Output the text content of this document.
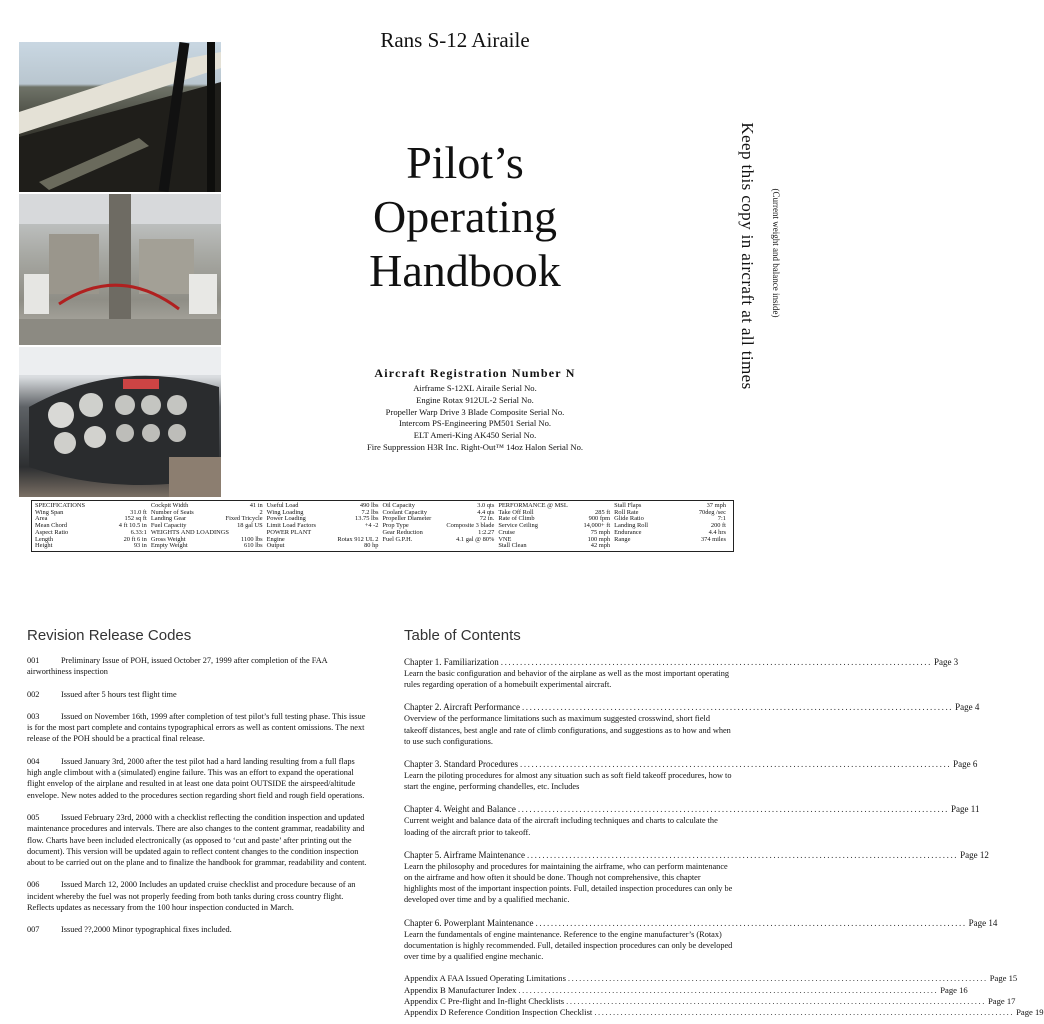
Rans S-12 Airaile
Pilot’s
Operating
Handbook	Keep this copy in aircraft at all times	(Current weight and balance inside)
Aircraft Registration Number N
Airframe S-12XL Airaile Serial No.
Engine Rotax 912UL-2 Serial No.
Propeller Warp Drive 3 Blade Composite Serial No.
Intercom PS-Engineering PM501 Serial No.
ELT Ameri-King AK450 Serial No.
Fire Suppression H3R Inc. Right-Out™ 14oz Halon Serial No.
SPECIFICATIONS
Wing Span	31.0 ft
Area	152 sq ft
Mean Chord	4 ft 10.5 in
Aspect Ratio	6.33:1
Length	20 ft 6 in
Height	93 in
Cockpit Width	41 in
Number of Seats	2
Landing Gear	Fixed Tricycle
Fuel Capacity	18 gal US
WEIGHTS AND LOADINGS
Gross Weight	1100 lbs
Empty Weight	610 lbs
Useful Load	490 lbs
Wing Loading	7.2 lbs
Power Loading	13.75 lbs
Limit Load Factors	+4 -2
POWER PLANT
Engine	Rotax 912 UL 2
Output	80 hp
Oil Capacity	3.0 qts
Coolant Capacity	4.4 qts
Propeller Diameter	72 in.
Prop Type	Composite 3 blade
Gear Reduction	1:2.27
Fuel G.P.H.	4.1 gal @ 80%
PERFORMANCE @ MSL
Take Off Roll	285 ft
Rate of Climb	900 fpm
Service Ceiling	14,000+ ft
Cruise	75 mph
VNE	100 mph
Stall Clean	42 mph
Stall Flaps	37 mph
Roll Rate	70deg /sec
Glide Ratio	7:1
Landing Roll	200 ft
Endurance	4.4 hrs
Range	374 miles
Revision Release Codes
001	Preliminary Issue of POH, issued October 27, 1999 after completion of the FAA airworthiness inspection
002	Issued after 5 hours test flight time
003	Issued on November 16th, 1999 after completion of test pilot’s full testing phase. This issue is for the most part complete and contains typographical errors as well as content omissions. The next release of the POH should be a practical final release.
004	Issued January 3rd, 2000 after the test pilot had a hard landing resulting from a full flaps high angle climbout with a (simulated) engine failure. This was an effort to expand the operational flight envelop of the airplane and resulted in at least one data point OUTSIDE the airspeed/altitude envelope. New notes added to the procedures section regarding short field and rough field operations.
005	Issued February 23rd, 2000 with a checklist reflecting the condition inspection and updated maintenance procedures and intervals. There are also changes to the content grammar, readability and flow. Charts have been included electronically (as opposed to ‘cut and paste’ after printing out the document). This version will be updated again to reflect content changes to the condition inspection about to be carried out on the plane and to finalize the handbook for grammar, readability and content.
006	Issued March 12, 2000 Includes an updated cruise checklist and procedure because of an incident whereby the fuel was not properly feeding from both tanks during cross country flight. Reflects updates as necessary from the 100 hour inspection conducted in March.
007	Issued ??,2000 Minor typographical fixes included.
Table of Contents
Chapter 1. Familiarization .....	Page 3
Learn the basic configuration and behavior of the airplane as well as the most important operating rules regarding operation of a homebuilt experimental aircraft.
Chapter 2. Aircraft Performance .....	Page 4
Overview of the performance limitations such as maximum suggested crosswind, short field takeoff distances, best angle and rate of climb configurations, and suggestions as to how and when to use such configurations.
Chapter 3. Standard Procedures .....	Page 6
Learn the piloting procedures for almost any situation such as soft field takeoff procedures, how to start the engine, performing chandelles, etc. Includes
Chapter 4. Weight and Balance .....	Page 11
Current weight and balance data of the aircraft including techniques and charts to calculate the loading of the aircraft prior to takeoff.
Chapter 5. Airframe Maintenance .....	Page 12
Learn the philosophy and procedures for maintaining the airframe, who can perform maintenance on the airframe and how often it should be done. Though not comprehensive, this chapter highlights most of the important inspection points. Full, detailed inspection procedures can only be developed over time and by a qualified mechanic.
Chapter 6. Powerplant Maintenance .....	Page 14
Learn the fundamentals of engine maintenance. Reference to the engine manufacturer’s (Rotax) documentation is highly recommended. Full, detailed inspection procedures can only be developed over time by a qualified engine mechanic.
Appendix A FAA Issued Operating Limitations .....	Page 15
Appendix B Manufacturer Index .....	Page 16
Appendix C Pre-flight and In-flight Checklists .....	Page 17
Appendix D Reference Condition Inspection Checklist .....	Page 19
